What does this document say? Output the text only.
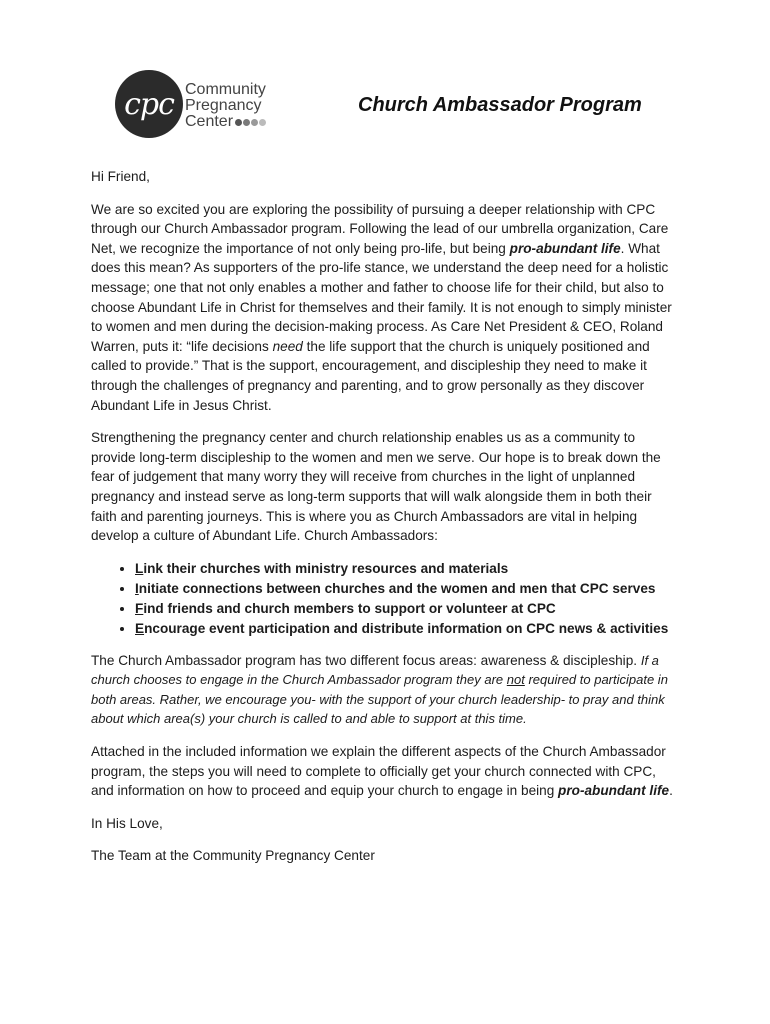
cpc Community
Pregnancy
Center
Church Ambassador Program

Hi Friend,

We are so excited you are exploring the possibility of pursuing a deeper relationship with CPC through our Church Ambassador program. Following the lead of our umbrella organization, Care Net, we recognize the importance of not only being pro-life, but being pro-abundant life. What does this mean? As supporters of the pro-life stance, we understand the deep need for a holistic message; one that not only enables a mother and father to choose life for their child, but also to choose Abundant Life in Christ for themselves and their family. It is not enough to simply minister to women and men during the decision-making process. As Care Net President & CEO, Roland Warren, puts it: “life decisions need the life support that the church is uniquely positioned and called to provide.” That is the support, encouragement, and discipleship they need to make it through the challenges of pregnancy and parenting, and to grow personally as they discover Abundant Life in Jesus Christ.

Strengthening the pregnancy center and church relationship enables us as a community to provide long-term discipleship to the women and men we serve. Our hope is to break down the fear of judgement that many worry they will receive from churches in the light of unplanned pregnancy and instead serve as long-term supports that will walk alongside them in both their faith and parenting journeys. This is where you as Church Ambassadors are vital in helping develop a culture of Abundant Life. Church Ambassadors:

• Link their churches with ministry resources and materials
• Initiate connections between churches and the women and men that CPC serves
• Find friends and church members to support or volunteer at CPC
• Encourage event participation and distribute information on CPC news & activities

The Church Ambassador program has two different focus areas: awareness & discipleship. If a church chooses to engage in the Church Ambassador program they are not required to participate in both areas. Rather, we encourage you- with the support of your church leadership- to pray and think about which area(s) your church is called to and able to support at this time.

Attached in the included information we explain the different aspects of the Church Ambassador program, the steps you will need to complete to officially get your church connected with CPC, and information on how to proceed and equip your church to engage in being pro-abundant life.

In His Love,

The Team at the Community Pregnancy Center
